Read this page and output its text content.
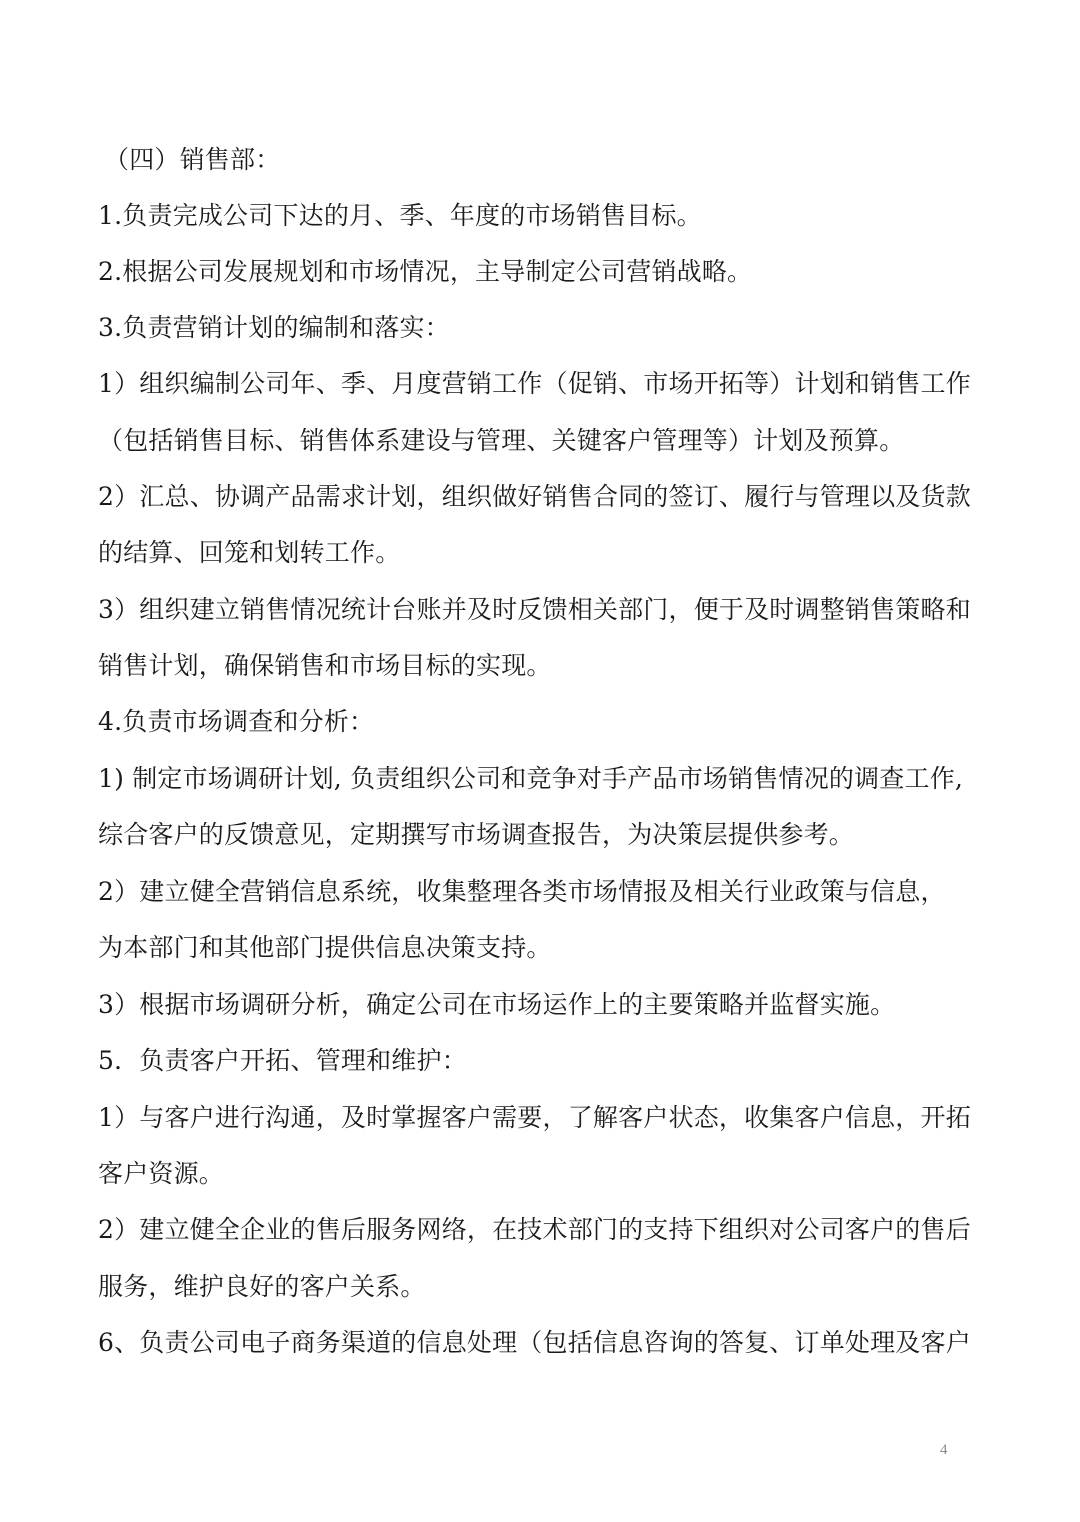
（四）销售部：
1.负责完成公司下达的月、季、年度的市场销售目标。
2.根据公司发展规划和市场情况，主导制定公司营销战略。
3.负责营销计划的编制和落实：
1）组织编制公司年、季、月度营销工作（促销、市场开拓等）计划和销售工作
（包括销售目标、销售体系建设与管理、关键客户管理等）计划及预算。
2）汇总、协调产品需求计划，组织做好销售合同的签订、履行与管理以及货款
的结算、回笼和划转工作。
3）组织建立销售情况统计台账并及时反馈相关部门，便于及时调整销售策略和
销售计划，确保销售和市场目标的实现。
4.负责市场调查和分析：
1) 制定市场调研计划, 负责组织公司和竞争对手产品市场销售情况的调查工作,
综合客户的反馈意见，定期撰写市场调查报告，为决策层提供参考。
2）建立健全营销信息系统，收集整理各类市场情报及相关行业政策与信息，
为本部门和其他部门提供信息决策支持。
3）根据市场调研分析，确定公司在市场运作上的主要策略并监督实施。
5．负责客户开拓、管理和维护：
1）与客户进行沟通，及时掌握客户需要，了解客户状态，收集客户信息，开拓
客户资源。
2）建立健全企业的售后服务网络，在技术部门的支持下组织对公司客户的售后
服务，维护良好的客户关系。
6、负责公司电子商务渠道的信息处理（包括信息咨询的答复、订单处理及客户
4
